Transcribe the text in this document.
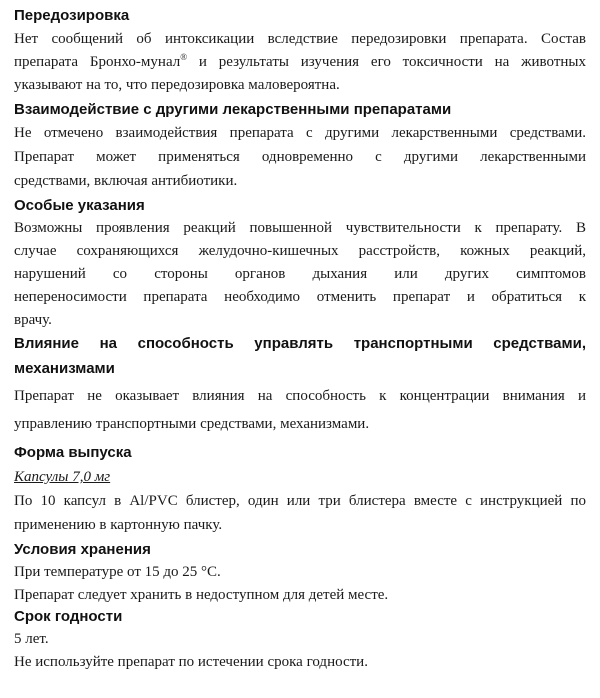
Передозировка
Нет сообщений об интоксикации вследствие передозировки препарата. Состав
препарата Бронхо-мунал® и результаты изучения его токсичности на животных
указывают на то, что передозировка маловероятна.
Взаимодействие с другими лекарственными препаратами
Не отмечено взаимодействия препарата с другими лекарственными средствами.
Препарат может применяться одновременно с другими лекарственными
средствами, включая антибиотики.
Особые указания
Возможны проявления реакций повышенной чувствительности к препарату. В
случае сохраняющихся желудочно-кишечных расстройств, кожных реакций,
нарушений со стороны органов дыхания или других симптомов
непереносимости препарата необходимо отменить препарат и обратиться к
врачу.
Влияние на способность управлять транспортными средствами,
механизмами
Препарат не оказывает влияния на способность к концентрации внимания и
управлению транспортными средствами, механизмами.
Форма выпуска
Капсулы 7,0 мг
По 10 капсул в Al/PVC блистер, один или три блистера вместе с инструкцией по
применению в картонную пачку.
Условия хранения
При температуре от 15 до 25 °С.
Препарат следует хранить в недоступном для детей месте.
Срок годности
5 лет.
Не используйте препарат по истечении срока годности.
